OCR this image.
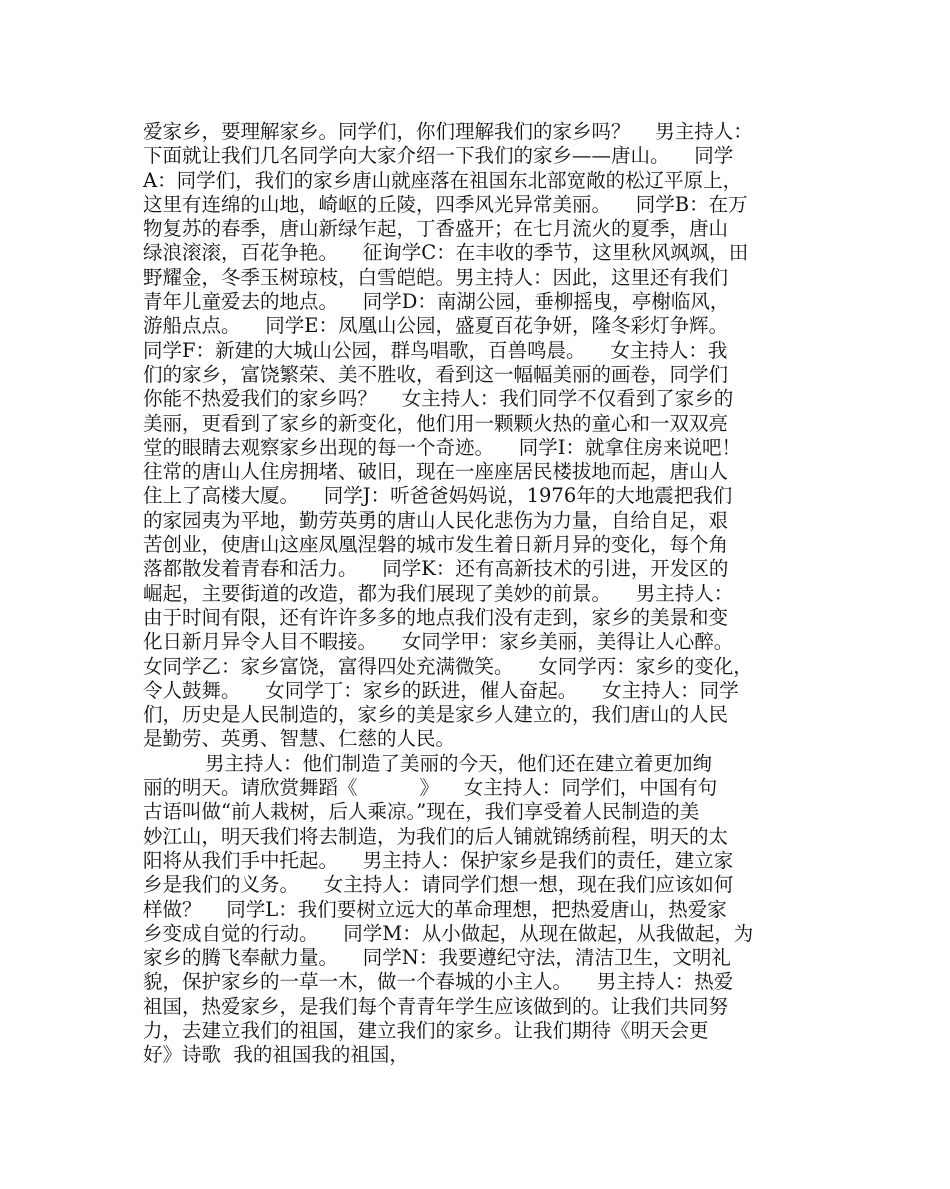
爱家乡，要理解家乡。同学们，你们理解我们的家乡吗？    男主持人：
下面就让我们几名同学向大家介绍一下我们的家乡——唐山。    同学
A：同学们，我们的家乡唐山就座落在祖国东北部宽敞的松辽平原上，
这里有连绵的山地，崎岖的丘陵，四季风光异常美丽。    同学B：在万
物复苏的春季，唐山新绿乍起，丁香盛开；在七月流火的夏季，唐山
绿浪滚滚，百花争艳。    征询学C：在丰收的季节，这里秋风飒飒，田
野耀金，冬季玉树琼枝，白雪皑皑。男主持人：因此，这里还有我们
青年儿童爱去的地点。    同学D：南湖公园，垂柳摇曳，亭榭临风，
游船点点。    同学E：凤凰山公园，盛夏百花争妍，隆冬彩灯争辉。
同学F：新建的大城山公园，群鸟唱歌，百兽鸣晨。    女主持人：我
们的家乡，富饶繁荣、美不胜收，看到这一幅幅美丽的画卷，同学们
你能不热爱我们的家乡吗？    女主持人：我们同学不仅看到了家乡的
美丽，更看到了家乡的新变化，他们用一颗颗火热的童心和一双双亮
堂的眼睛去观察家乡出现的每一个奇迹。    同学I：就拿住房来说吧！
往常的唐山人住房拥堵、破旧，现在一座座居民楼拔地而起，唐山人
住上了高楼大厦。    同学J：听爸爸妈妈说，1976年的大地震把我们
的家园夷为平地，勤劳英勇的唐山人民化悲伤为力量，自给自足，艰
苦创业，使唐山这座凤凰涅磐的城市发生着日新月异的变化，每个角
落都散发着青春和活力。    同学K：还有高新技术的引进，开发区的
崛起，主要街道的改造，都为我们展现了美妙的前景。    男主持人：
由于时间有限，还有许许多多的地点我们没有走到，家乡的美景和变
化日新月异令人目不暇接。    女同学甲：家乡美丽，美得让人心醉。
女同学乙：家乡富饶，富得四处充满微笑。    女同学丙：家乡的变化，
令人鼓舞。    女同学丁：家乡的跃进，催人奋起。    女主持人：同学
们，历史是人民制造的，家乡的美是家乡人建立的，我们唐山的人民
是勤劳、英勇、智慧、仁慈的人民。
男主持人：他们制造了美丽的今天，他们还在建立着更加绚
丽的明天。请欣赏舞蹈《          》    女主持人：同学们，中国有句
古语叫做“前人栽树，后人乘凉。”现在，我们享受着人民制造的美
妙江山，明天我们将去制造，为我们的后人铺就锦绣前程，明天的太
阳将从我们手中托起。    男主持人：保护家乡是我们的责任，建立家
乡是我们的义务。    女主持人：请同学们想一想，现在我们应该如何
样做？    同学L：我们要树立远大的革命理想，把热爱唐山，热爱家
乡变成自觉的行动。    同学M：从小做起，从现在做起，从我做起，为
家乡的腾飞奉献力量。    同学N：我要遵纪守法，清洁卫生，文明礼
貌，保护家乡的一草一木，做一个春城的小主人。    男主持人：热爱
祖国，热爱家乡，是我们每个青青年学生应该做到的。让我们共同努
力，去建立我们的祖国，建立我们的家乡。让我们期待《明天会更
好》诗歌  我的祖国我的祖国，
